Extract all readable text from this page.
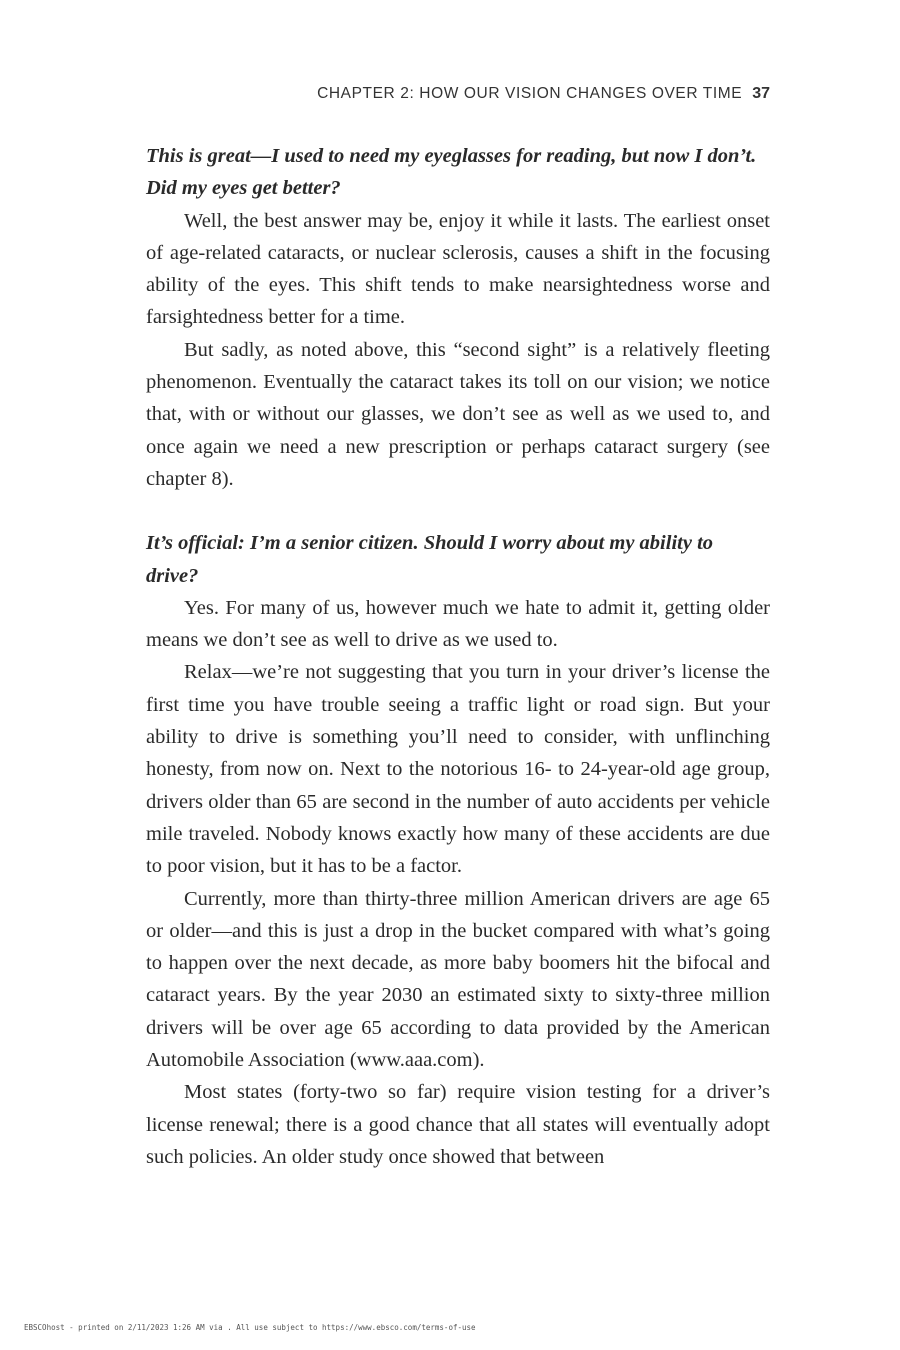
CHAPTER 2: HOW OUR VISION CHANGES OVER TIME 37

This is great—I used to need my eyeglasses for reading, but now I don’t. Did my eyes get better?

Well, the best answer may be, enjoy it while it lasts. The earliest onset of age-related cataracts, or nuclear sclerosis, causes a shift in the focusing ability of the eyes. This shift tends to make nearsightedness worse and farsightedness better for a time.

But sadly, as noted above, this “second sight” is a relatively fleeting phenomenon. Eventually the cataract takes its toll on our vision; we notice that, with or without our glasses, we don’t see as well as we used to, and once again we need a new prescription or perhaps cataract surgery (see chapter 8).

It’s official: I’m a senior citizen. Should I worry about my ability to drive?

Yes. For many of us, however much we hate to admit it, getting older means we don’t see as well to drive as we used to.

Relax—we’re not suggesting that you turn in your driver’s license the first time you have trouble seeing a traffic light or road sign. But your ability to drive is something you’ll need to consider, with unflinching honesty, from now on. Next to the notorious 16- to 24-year-old age group, drivers older than 65 are second in the number of auto accidents per vehicle mile traveled. Nobody knows exactly how many of these accidents are due to poor vision, but it has to be a factor.

Currently, more than thirty-three million American drivers are age 65 or older—and this is just a drop in the bucket compared with what’s going to happen over the next decade, as more baby boomers hit the bifocal and cataract years. By the year 2030 an estimated sixty to sixty-three million drivers will be over age 65 according to data provided by the American Automobile Association (www.aaa.com).

Most states (forty-two so far) require vision testing for a driver’s license renewal; there is a good chance that all states will eventually adopt such policies. An older study once showed that between

EBSCOhost - printed on 2/11/2023 1:26 AM via . All use subject to https://www.ebsco.com/terms-of-use
